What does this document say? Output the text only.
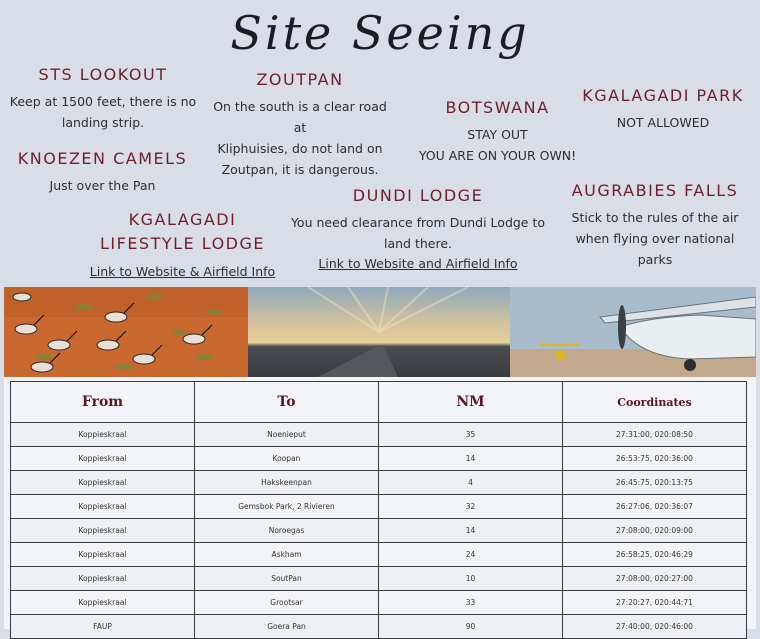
Site Seeing
STS LOOKOUT
Keep at 1500 feet, there is no
landing strip.
ZOUTPAN
On the south is a clear road at
Kliphuisies, do not land on
Zoutpan, it is dangerous.
BOTSWANA
STAY OUT
YOU ARE ON YOUR OWN!
KGALAGADI PARK
NOT ALLOWED
KNOEZEN CAMELS
Just over the Pan
DUNDI LODGE
You need clearance from Dundi Lodge to
land there.
Link to Website and Airfield Info
AUGRABIES FALLS
Stick to the rules of the air
when flying over national parks
KGALAGADI
LIFESTYLE LODGE
Link to Website & Airfield Info
From	To	NM	Coordinates
Koppieskraal	Noenieput	35	27:31:00, 020:08:50
Koppieskraal	Koopan	14	26:53:75, 020:36:00
Koppieskraal	Hakskeenpan	4	26:45:75, 020:13:75
Koppieskraal	Gemsbok Park, 2 Rivieren	32	26:27:06, 020:36:07
Koppieskraal	Noroegas	14	27:08:00, 020:09:00
Koppieskraal	Askham	24	26:58:25, 020:46:29
Koppieskraal	SoutPan	10	27:08:00, 020:27:00
Koppieskraal	Grootsar	33	27:20:27, 020:44:71
FAUP	Goera Pan	90	27:40:00, 020:46:00
